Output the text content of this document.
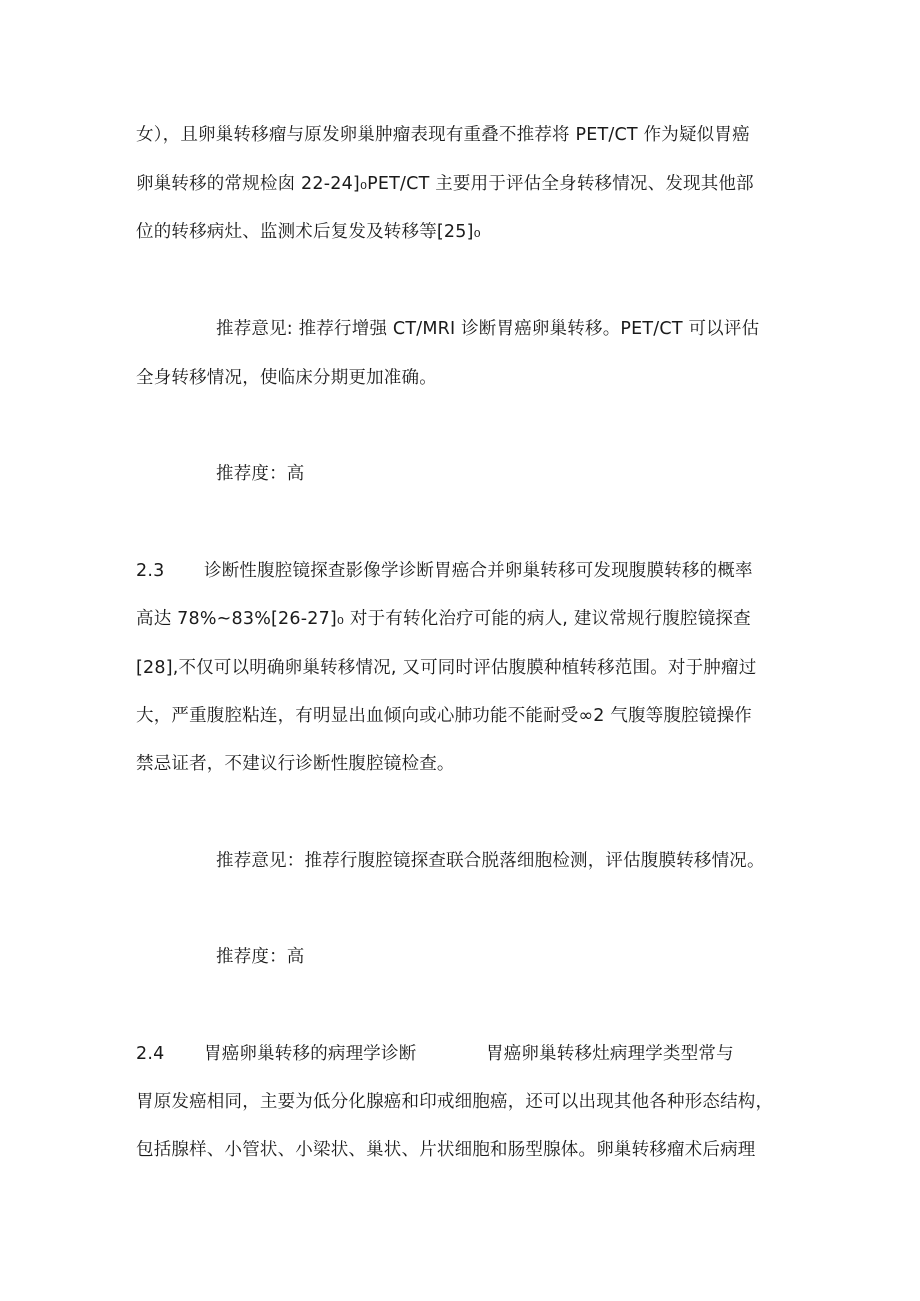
女），且卵巢转移瘤与原发卵巢肿瘤表现有重叠不推荐将 PET/CT 作为疑似胃癌
卵巢转移的常规检囱 22-24]₀PET/CT 主要用于评估全身转移情况、发现其他部
位的转移病灶、监测术后复发及转移等[25]₀
推荐意见: 推荐行增强 CT/MRI 诊断胃癌卵巢转移。PET/CT 可以评估
全身转移情况，使临床分期更加准确。
推荐度：高
2.3 诊断性腹腔镜探查影像学诊断胃癌合并卵巢转移可发现腹膜转移的概率
高达 78%~83%[26-27]₀ 对于有转化治疗可能的病人, 建议常规行腹腔镜探查
[28],不仅可以明确卵巢转移情况, 又可同时评估腹膜种植转移范围。对于肿瘤过
大，严重腹腔粘连，有明显出血倾向或心肺功能不能耐受∞2 气腹等腹腔镜操作
禁忌证者，不建议行诊断性腹腔镜检查。
推荐意见：推荐行腹腔镜探查联合脱落细胞检测，评估腹膜转移情况。
推荐度：高
2.4 胃癌卵巢转移的病理学诊断	胃癌卵巢转移灶病理学类型常与
胃原发癌相同，主要为低分化腺癌和印戒细胞癌，还可以出现其他各种形态结构，
包括腺样、小管状、小梁状、巢状、片状细胞和肠型腺体。卵巢转移瘤术后病理
